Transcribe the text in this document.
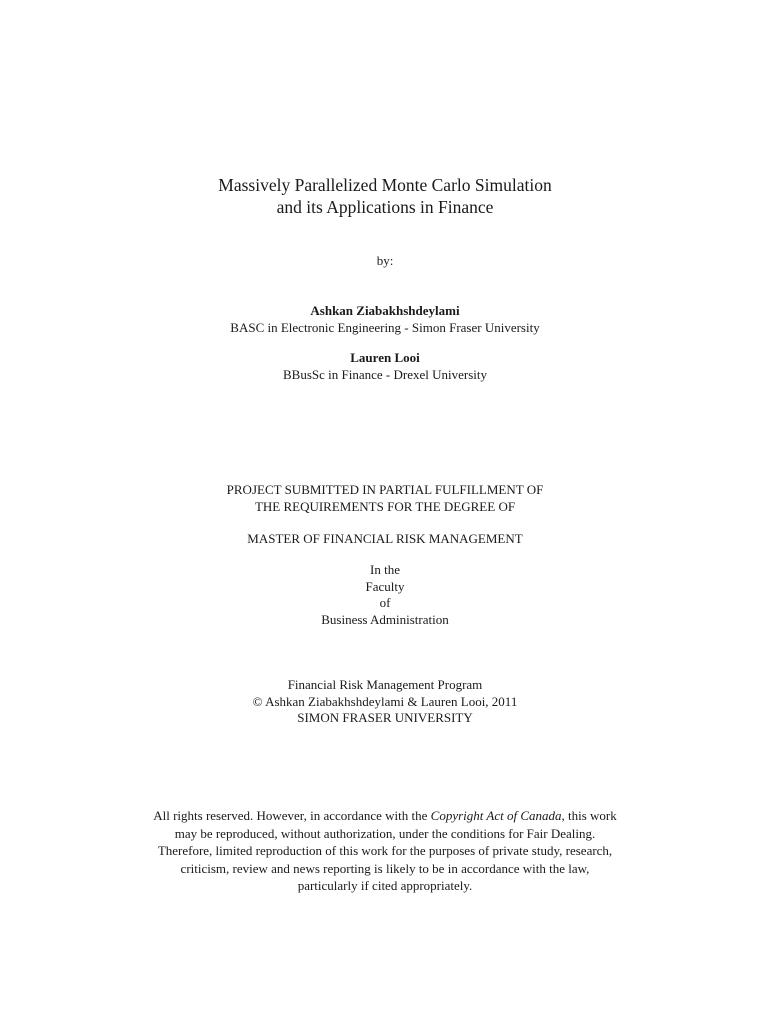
Massively Parallelized Monte Carlo Simulation
and its Applications in Finance
by:
Ashkan Ziabakhshdeylami
BASC in Electronic Engineering - Simon Fraser University
Lauren Looi
BBusSc in Finance - Drexel University
PROJECT SUBMITTED IN PARTIAL FULFILLMENT OF
THE REQUIREMENTS FOR THE DEGREE OF
MASTER OF FINANCIAL RISK MANAGEMENT
In the
Faculty
of
Business Administration
Financial Risk Management Program
© Ashkan Ziabakhshdeylami & Lauren Looi, 2011
SIMON FRASER UNIVERSITY
All rights reserved. However, in accordance with the Copyright Act of Canada, this work
may be reproduced, without authorization, under the conditions for Fair Dealing.
Therefore, limited reproduction of this work for the purposes of private study, research,
criticism, review and news reporting is likely to be in accordance with the law,
particularly if cited appropriately.
